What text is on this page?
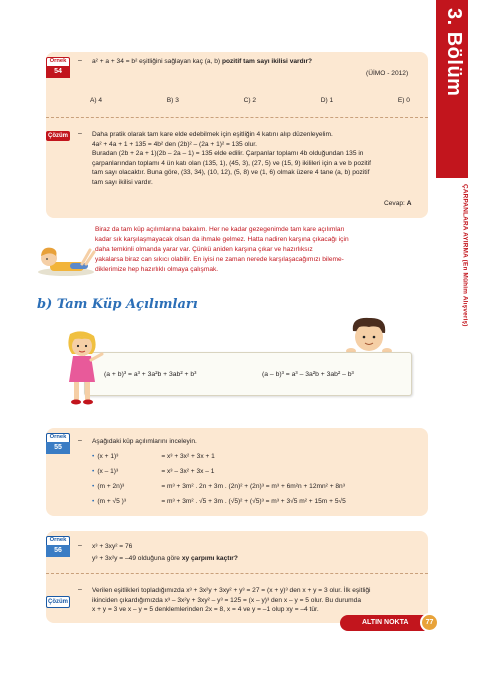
3. Bölüm
ÇARPANLARA AYIRMA (En Mühim Alışveriş)
Örnek
54
– a² + a + 34 = b² eşitliğini sağlayan kaç (a, b) pozitif tam sayı ikilisi vardır?
(ÜİMO - 2012)
A) 4	B) 3	C) 2	D) 1	E) 0
Çözüm – Daha pratik olarak tam kare elde edebilmek için eşitliğin 4 katını alıp düzenleyelim.
4a² + 4a + 1 + 135 = 4b² den (2b)² – (2a + 1)² = 135 olur.
Buradan (2b + 2a + 1)(2b – 2a – 1) = 135 elde edilir. Çarpanlar toplamı 4b olduğundan 135 in
çarpanlarından toplamı 4 ün katı olan (135, 1), (45, 3), (27, 5) ve (15, 9) ikilileri için a ve b pozitif
tam sayı olacaktır. Buna göre, (33, 34), (10, 12), (5, 8) ve (1, 6) olmak üzere 4 tane (a, b) pozitif
tam sayı ikilisi vardır.
Cevap: A
Biraz da tam küp açılımlarına bakalım. Her ne kadar gezegenimde tam kare açılımları
kadar sık karşılaşmayacak olsan da ihmale gelmez. Hatta nadiren karşına çıkacağı için
daha temkinli olmanda yarar var. Çünkü aniden karşına çıkar ve hazırlıksız
yakalarsa biraz can sıkıcı olabilir. En iyisi ne zaman nerede karşılaşacağımızı bileme-
diklerimize hep hazırlıklı olmaya çalışmak.
b) Tam Küp Açılımları
(a + b)³ = a³ + 3a²b + 3ab² + b³	(a – b)³ = a³ – 3a²b + 3ab² – b³
Örnek
55
– Aşağıdaki küp açılımlarını inceleyin.
• (x + 1)³	= x³ + 3x² + 3x + 1
• (x – 1)³	= x³ – 3x² + 3x – 1
• (m + 2n)³	= m³ + 3m² . 2n + 3m . (2n)² + (2n)³ = m³ + 6m²n + 12mn² + 8n³
• (m + √5 )³	= m³ + 3m² . √5 + 3m . (√5)² + (√5)³ = m³ + 3√5 m² + 15m + 5√5
Örnek
56
– x³ + 3xy² = 76
y³ + 3x²y = –49 olduğuna göre xy çarpımı kaçtır?
Çözüm
– Verilen eşitlikleri topladığımızda x³ + 3x²y + 3xy² + y³ = 27 = (x + y)³ den x + y = 3 olur. İlk eşitliği
ikinciden çıkardığımızda x³ – 3x²y + 3xy² – y³ = 125 = (x – y)³ den x – y = 5 olur. Bu durumda
x + y = 3 ve x – y = 5 denklemlerinden 2x = 8, x = 4 ve y = –1 olup xy = –4 tür.
ALTIN NOKTA	77
